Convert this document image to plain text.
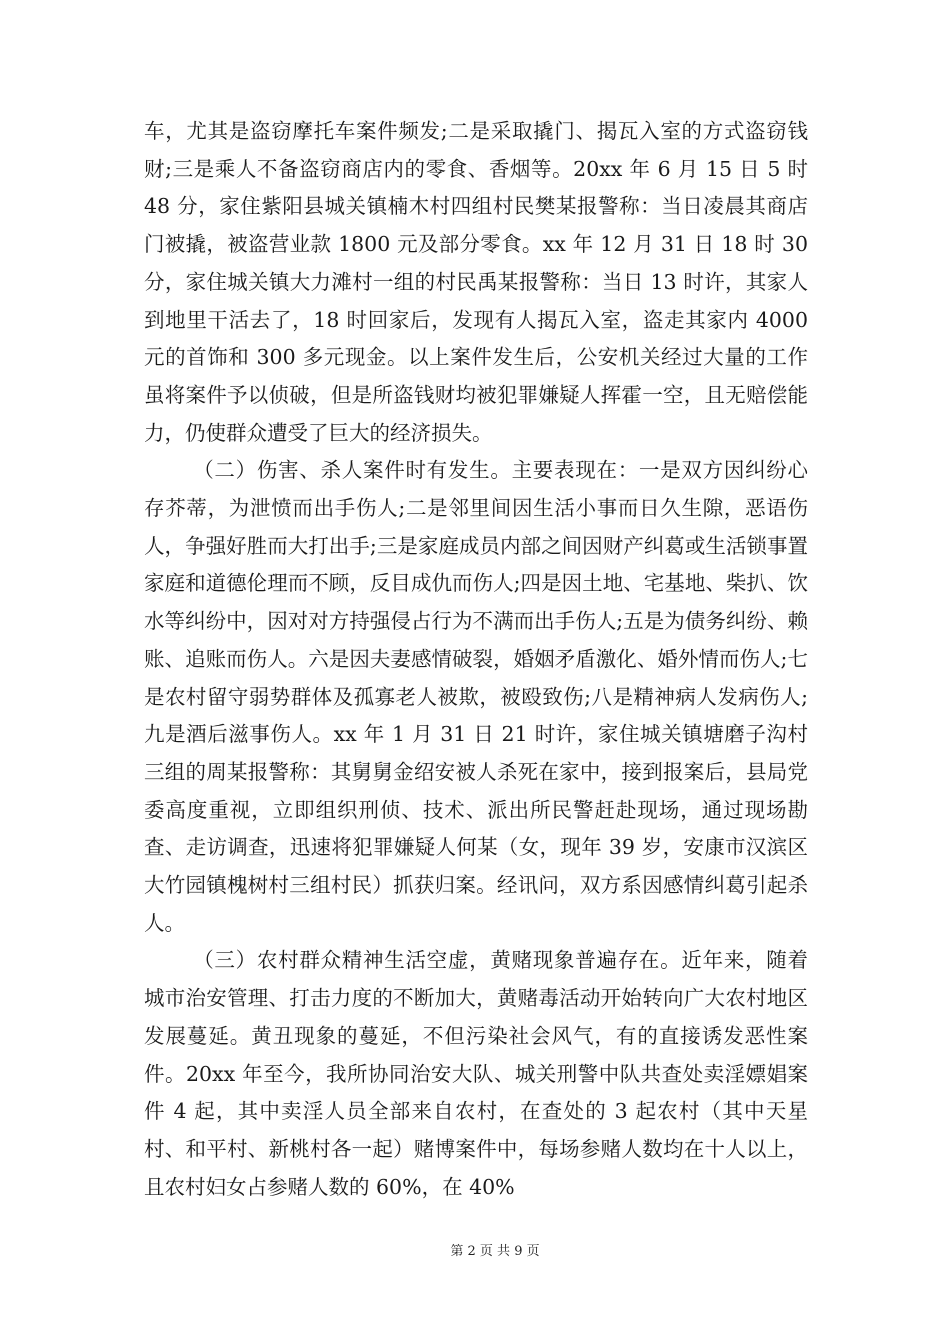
车，尤其是盗窃摩托车案件频发;二是采取撬门、揭瓦入室的方式盗窃钱财;三是乘人不备盗窃商店内的零食、香烟等。20xx 年 6 月 15 日 5 时 48 分，家住紫阳县城关镇楠木村四组村民樊某报警称：当日凌晨其商店门被撬，被盗营业款 1800 元及部分零食。xx 年 12 月 31 日 18 时 30 分，家住城关镇大力滩村一组的村民禹某报警称：当日 13 时许，其家人到地里干活去了，18 时回家后，发现有人揭瓦入室，盗走其家内 4000 元的首饰和 300 多元现金。以上案件发生后，公安机关经过大量的工作虽将案件予以侦破，但是所盗钱财均被犯罪嫌疑人挥霍一空，且无赔偿能力，仍使群众遭受了巨大的经济损失。

（二）伤害、杀人案件时有发生。主要表现在：一是双方因纠纷心存芥蒂，为泄愤而出手伤人;二是邻里间因生活小事而日久生隙，恶语伤人，争强好胜而大打出手;三是家庭成员内部之间因财产纠葛或生活锁事置家庭和道德伦理而不顾，反目成仇而伤人;四是因土地、宅基地、柴扒、饮水等纠纷中，因对对方持强侵占行为不满而出手伤人;五是为债务纠纷、赖账、追账而伤人。六是因夫妻感情破裂，婚姻矛盾激化、婚外情而伤人;七是农村留守弱势群体及孤寡老人被欺，被殴致伤;八是精神病人发病伤人;九是酒后滋事伤人。xx 年 1 月 31 日 21 时许，家住城关镇塘磨子沟村三组的周某报警称：其舅舅金绍安被人杀死在家中，接到报案后，县局党委高度重视，立即组织刑侦、技术、派出所民警赶赴现场，通过现场勘查、走访调查，迅速将犯罪嫌疑人何某（女，现年 39 岁，安康市汉滨区大竹园镇槐树村三组村民）抓获归案。经讯问，双方系因感情纠葛引起杀人。

（三）农村群众精神生活空虚，黄赌现象普遍存在。近年来，随着城市治安管理、打击力度的不断加大，黄赌毒活动开始转向广大农村地区发展蔓延。黄丑现象的蔓延，不但污染社会风气，有的直接诱发恶性案件。20xx 年至今，我所协同治安大队、城关刑警中队共查处卖淫嫖娼案件 4 起，其中卖淫人员全部来自农村，在查处的 3 起农村（其中天星村、和平村、新桃村各一起）赌博案件中，每场参赌人数均在十人以上，且农村妇女占参赌人数的 60%，在 40%

第 2 页 共 9 页
